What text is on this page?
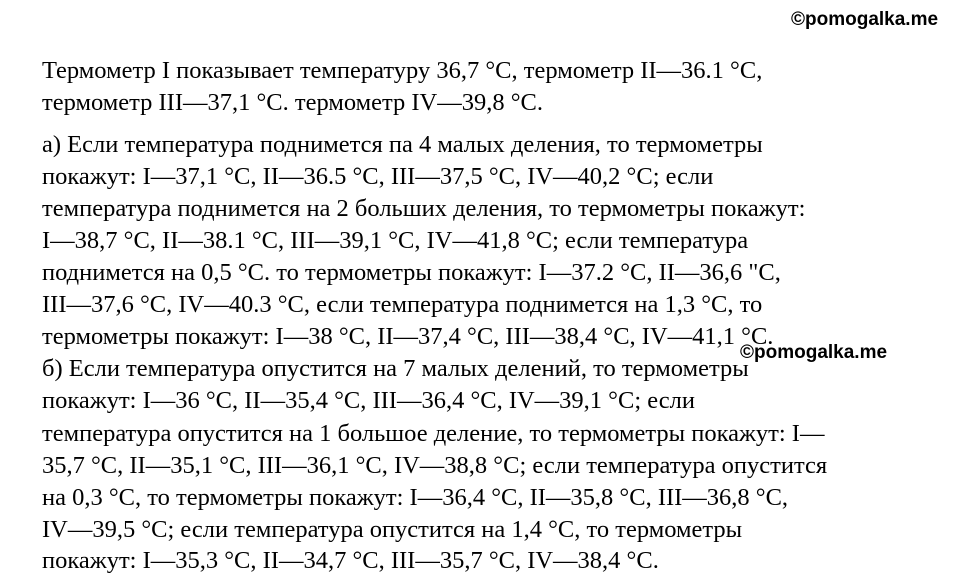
©pomogalka.me
Термометр I показывает температуру 36,7 °С, термометр II—36.1 °С,
термометр III—37,1 °С. термометр IV—39,8 °С.
а) Если температура поднимется па 4 малых деления, то термометры
покажут: I—37,1 °С, II—36.5 °С, III—37,5 °С, IV—40,2 °С; если
температура поднимется на 2 больших деления, то термометры покажут:
I—38,7 °С, II—38.1 °С, III—39,1 °С, IV—41,8 °С; если температура
поднимется на 0,5 °С. то термометры покажут: I—37.2 °С, II—36,6 "С,
III—37,6 °С, IV—40.3 °С, если температура поднимется на 1,3 °С, то
термометры покажут: I—38 °С, II—37,4 °С, III—38,4 °С, IV—41,1 °С.
б) Если температура опустится на 7 малых делений, то термометры
покажут: I—36 °С, II—35,4 °С, III—36,4 °С, IV—39,1 °С; если
температура опустится на 1 большое деление, то термометры покажут: I—
35,7 °С, II—35,1 °С, III—36,1 °С, IV—38,8 °С; если температура опустится
на 0,3 °С, то термометры покажут: I—36,4 °С, II—35,8 °С, III—36,8 °С,
IV—39,5 °С; если температура опустится на 1,4 °С, то термометры
покажут: I—35,3 °С, II—34,7 °С, III—35,7 °С, IV—38,4 °С.
©pomogalka.me
